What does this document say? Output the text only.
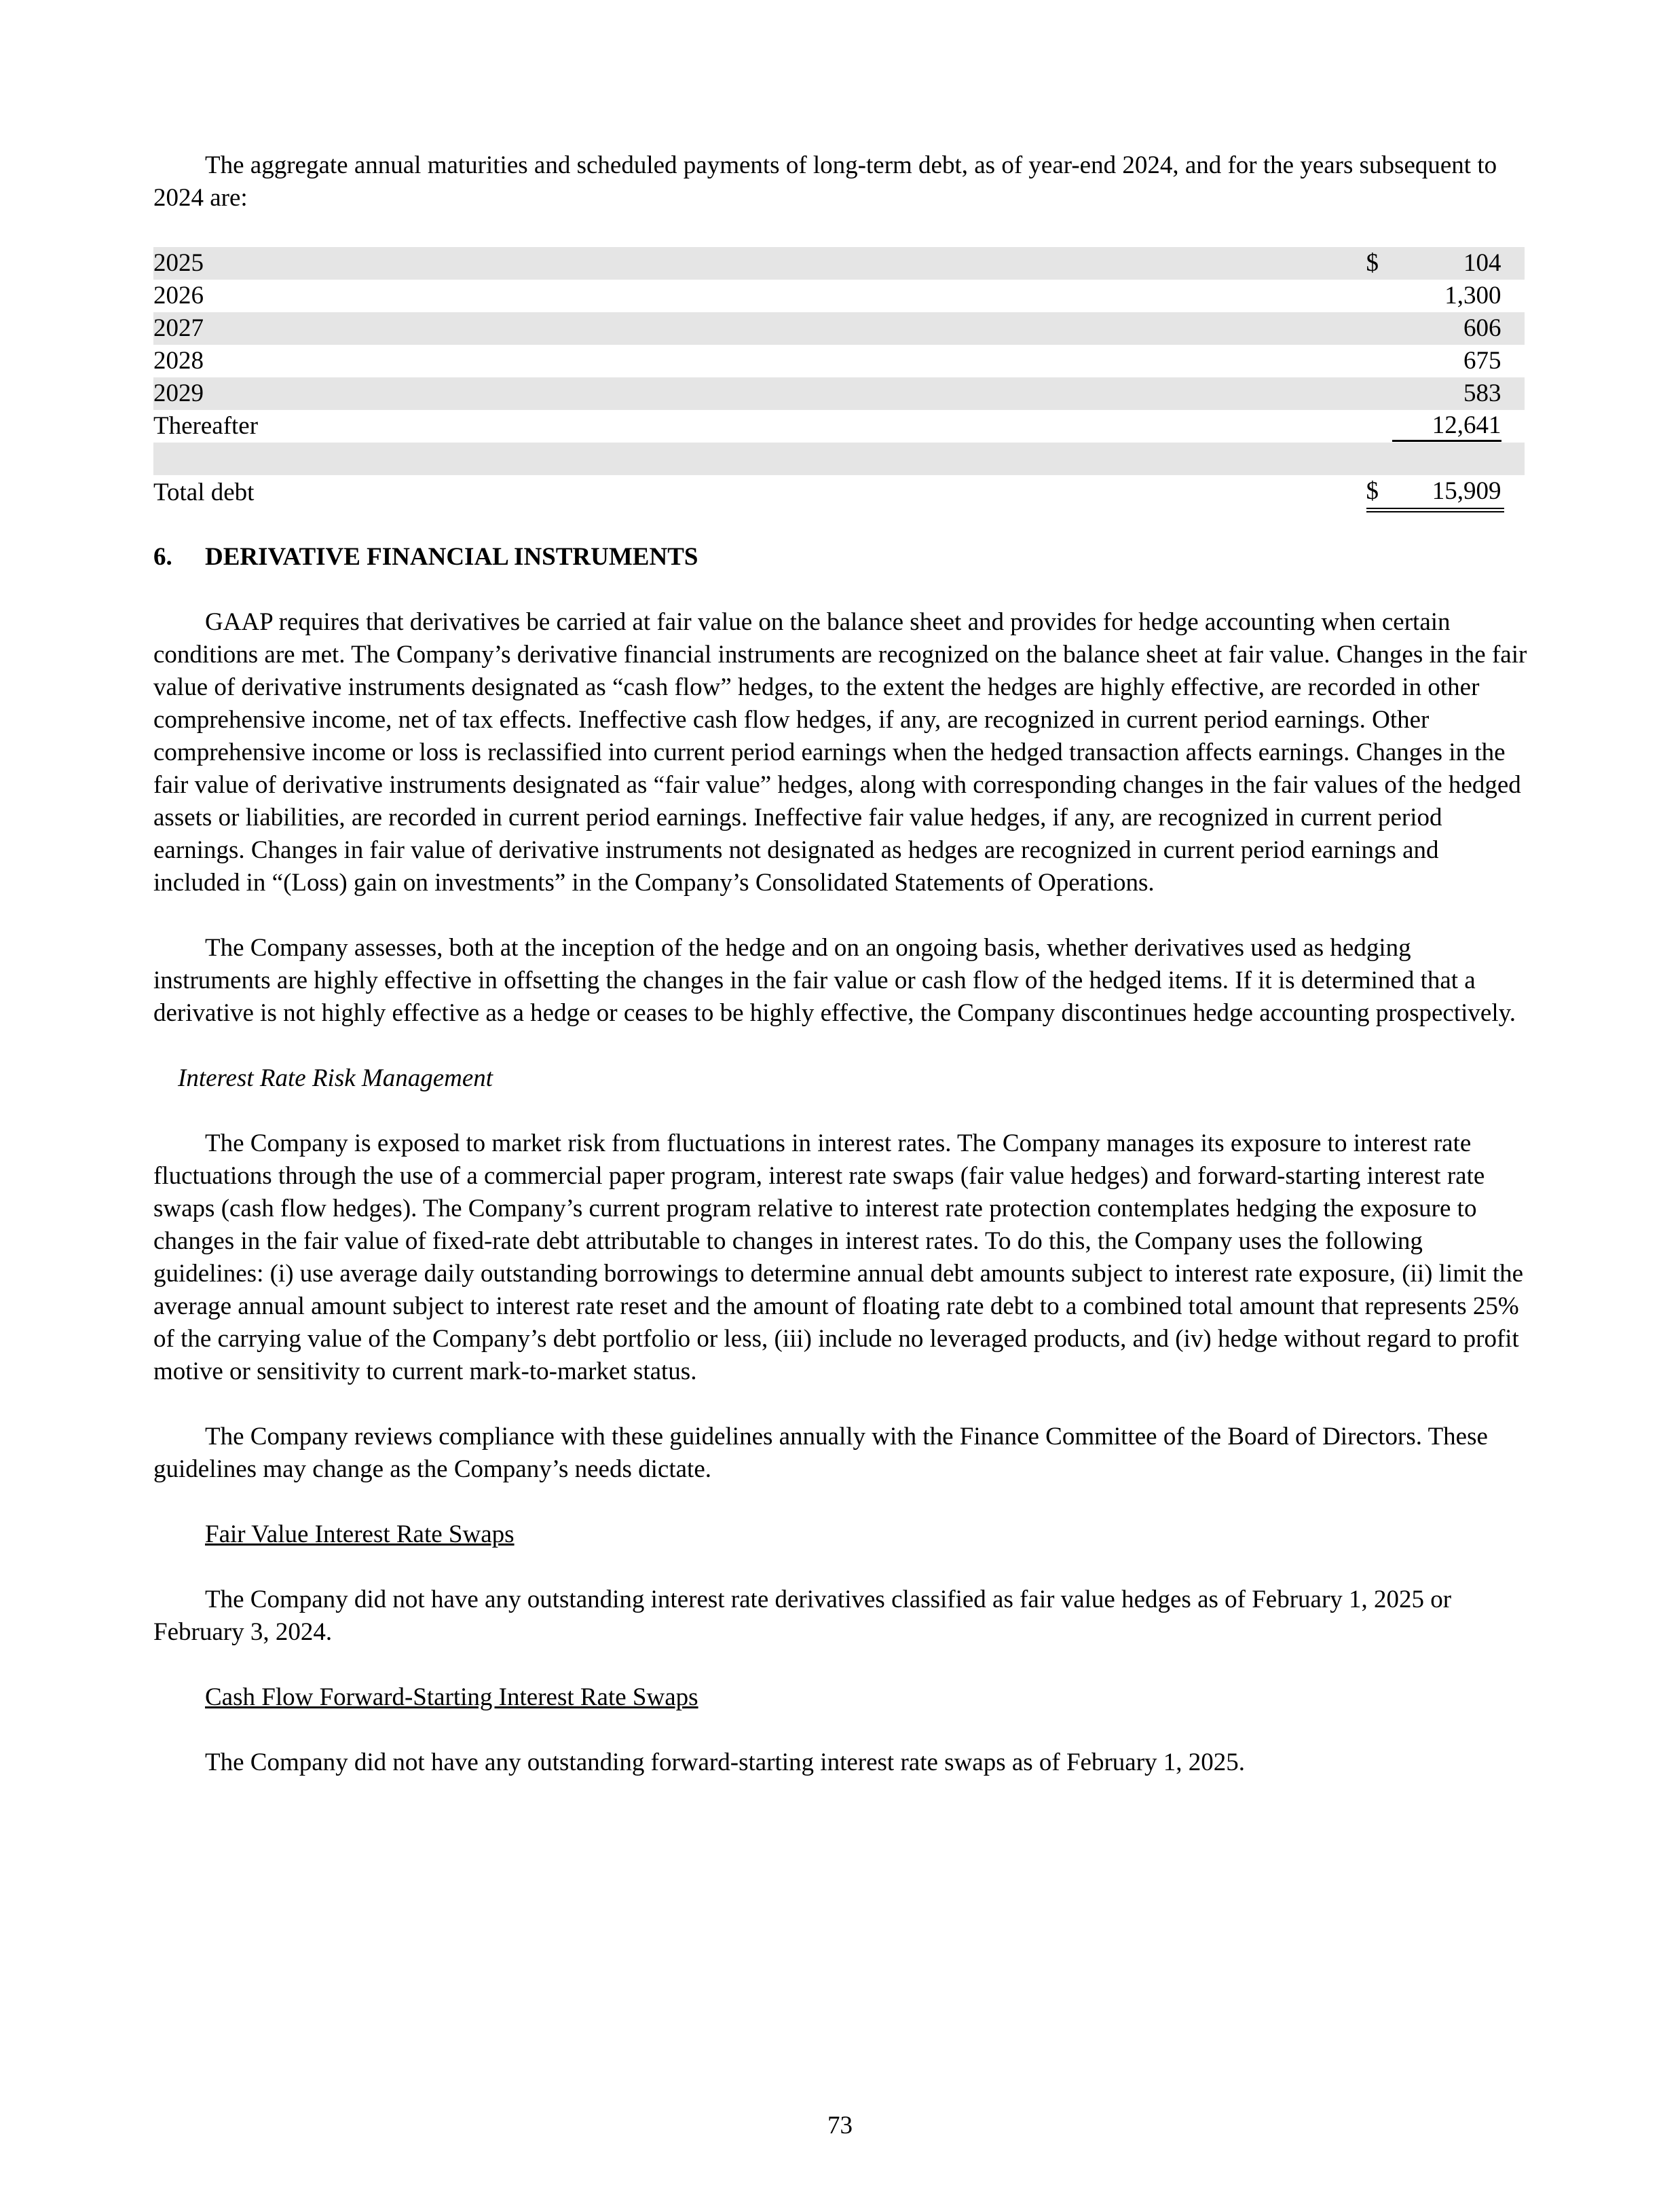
The aggregate annual maturities and scheduled payments of long-term debt, as of year-end 2024, and for the years subsequent to 2024 are:

2025	$	104	
2026		1,300	
2027		606	
2028		675	
2029		583	
Thereafter		12,641	

Total debt	$	15,909	
6. DERIVATIVE FINANCIAL INSTRUMENTS

GAAP requires that derivatives be carried at fair value on the balance sheet and provides for hedge accounting when certain conditions are met. The Company’s derivative financial instruments are recognized on the balance sheet at fair value. Changes in the fair value of derivative instruments designated as “cash flow” hedges, to the extent the hedges are highly effective, are recorded in other comprehensive income, net of tax effects. Ineffective cash flow hedges, if any, are recognized in current period earnings. Other comprehensive income or loss is reclassified into current period earnings when the hedged transaction affects earnings. Changes in the fair value of derivative instruments designated as “fair value” hedges, along with corresponding changes in the fair values of the hedged assets or liabilities, are recorded in current period earnings. Ineffective fair value hedges, if any, are recognized in current period earnings. Changes in fair value of derivative instruments not designated as hedges are recognized in current period earnings and included in “(Loss) gain on investments” in the Company’s Consolidated Statements of Operations.

The Company assesses, both at the inception of the hedge and on an ongoing basis, whether derivatives used as hedging instruments are highly effective in offsetting the changes in the fair value or cash flow of the hedged items. If it is determined that a derivative is not highly effective as a hedge or ceases to be highly effective, the Company discontinues hedge accounting prospectively.

Interest Rate Risk Management

The Company is exposed to market risk from fluctuations in interest rates. The Company manages its exposure to interest rate fluctuations through the use of a commercial paper program, interest rate swaps (fair value hedges) and forward-starting interest rate swaps (cash flow hedges). The Company’s current program relative to interest rate protection contemplates hedging the exposure to changes in the fair value of fixed-rate debt attributable to changes in interest rates. To do this, the Company uses the following guidelines: (i) use average daily outstanding borrowings to determine annual debt amounts subject to interest rate exposure, (ii) limit the average annual amount subject to interest rate reset and the amount of floating rate debt to a combined total amount that represents 25% of the carrying value of the Company’s debt portfolio or less, (iii) include no leveraged products, and (iv) hedge without regard to profit motive or sensitivity to current mark-to-market status.

The Company reviews compliance with these guidelines annually with the Finance Committee of the Board of Directors. These guidelines may change as the Company’s needs dictate.

Fair Value Interest Rate Swaps

The Company did not have any outstanding interest rate derivatives classified as fair value hedges as of February 1, 2025 or February 3, 2024.

Cash Flow Forward-Starting Interest Rate Swaps

The Company did not have any outstanding forward-starting interest rate swaps as of February 1, 2025.

73
